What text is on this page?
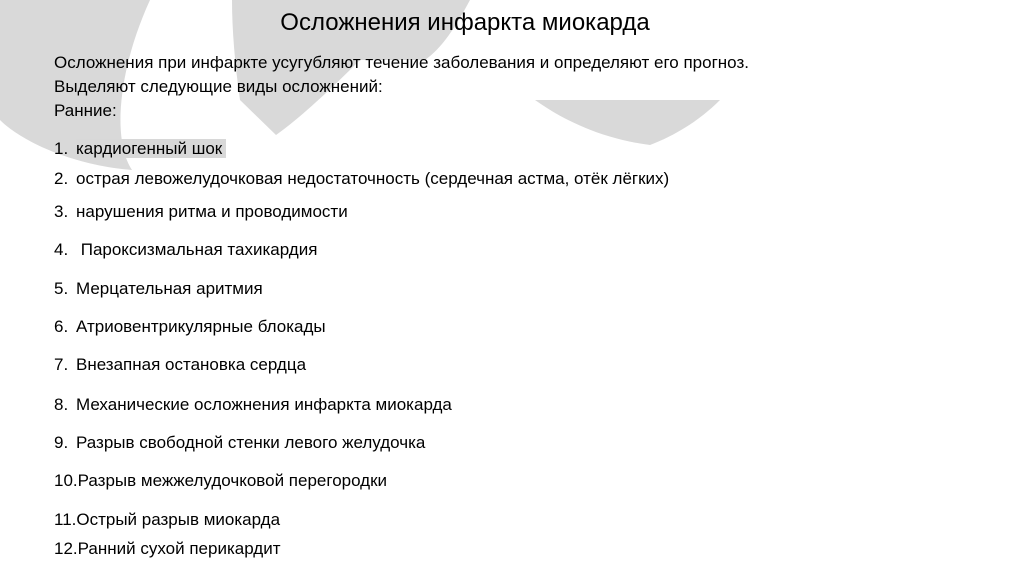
Осложнения инфаркта миокарда
Осложнения при инфаркте усугубляют течение заболевания и определяют его прогноз.
Выделяют следующие виды осложнений:
Ранние:
1. кардиогенный шок
2. острая левожелудочковая недостаточность (сердечная астма, отёк лёгких)
3. нарушения ритма и проводимости
4. Пароксизмальная тахикардия
5. Мерцательная аритмия
6. Атриовентрикулярные блокады
7. Внезапная остановка сердца
8. Механические осложнения инфаркта миокарда
9. Разрыв свободной стенки левого желудочка
10.Разрыв межжелудочковой перегородки
11.Острый разрыв миокарда
12.Ранний сухой перикардит
